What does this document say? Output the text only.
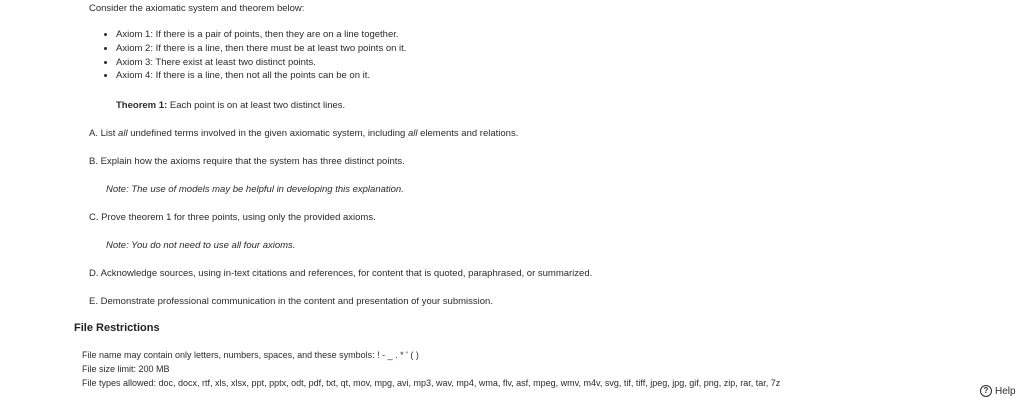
Consider the axiomatic system and theorem below:
• Axiom 1: If there is a pair of points, then they are on a line together.
• Axiom 2: If there is a line, then there must be at least two points on it.
• Axiom 3: There exist at least two distinct points.
• Axiom 4: If there is a line, then not all the points can be on it.
Theorem 1: Each point is on at least two distinct lines.
A. List all undefined terms involved in the given axiomatic system, including all elements and relations.
B. Explain how the axioms require that the system has three distinct points.
Note: The use of models may be helpful in developing this explanation.
C. Prove theorem 1 for three points, using only the provided axioms.
Note: You do not need to use all four axioms.
D. Acknowledge sources, using in-text citations and references, for content that is quoted, paraphrased, or summarized.
E. Demonstrate professional communication in the content and presentation of your submission.
File Restrictions
File name may contain only letters, numbers, spaces, and these symbols: ! - _ . * ' ( )
File size limit: 200 MB
File types allowed: doc, docx, rtf, xls, xlsx, ppt, pptx, odt, pdf, txt, qt, mov, mpg, avi, mp3, wav, mp4, wma, flv, asf, mpeg, wmv, m4v, svg, tif, tiff, jpeg, jpg, gif, png, zip, rar, tar, 7z
? Help
